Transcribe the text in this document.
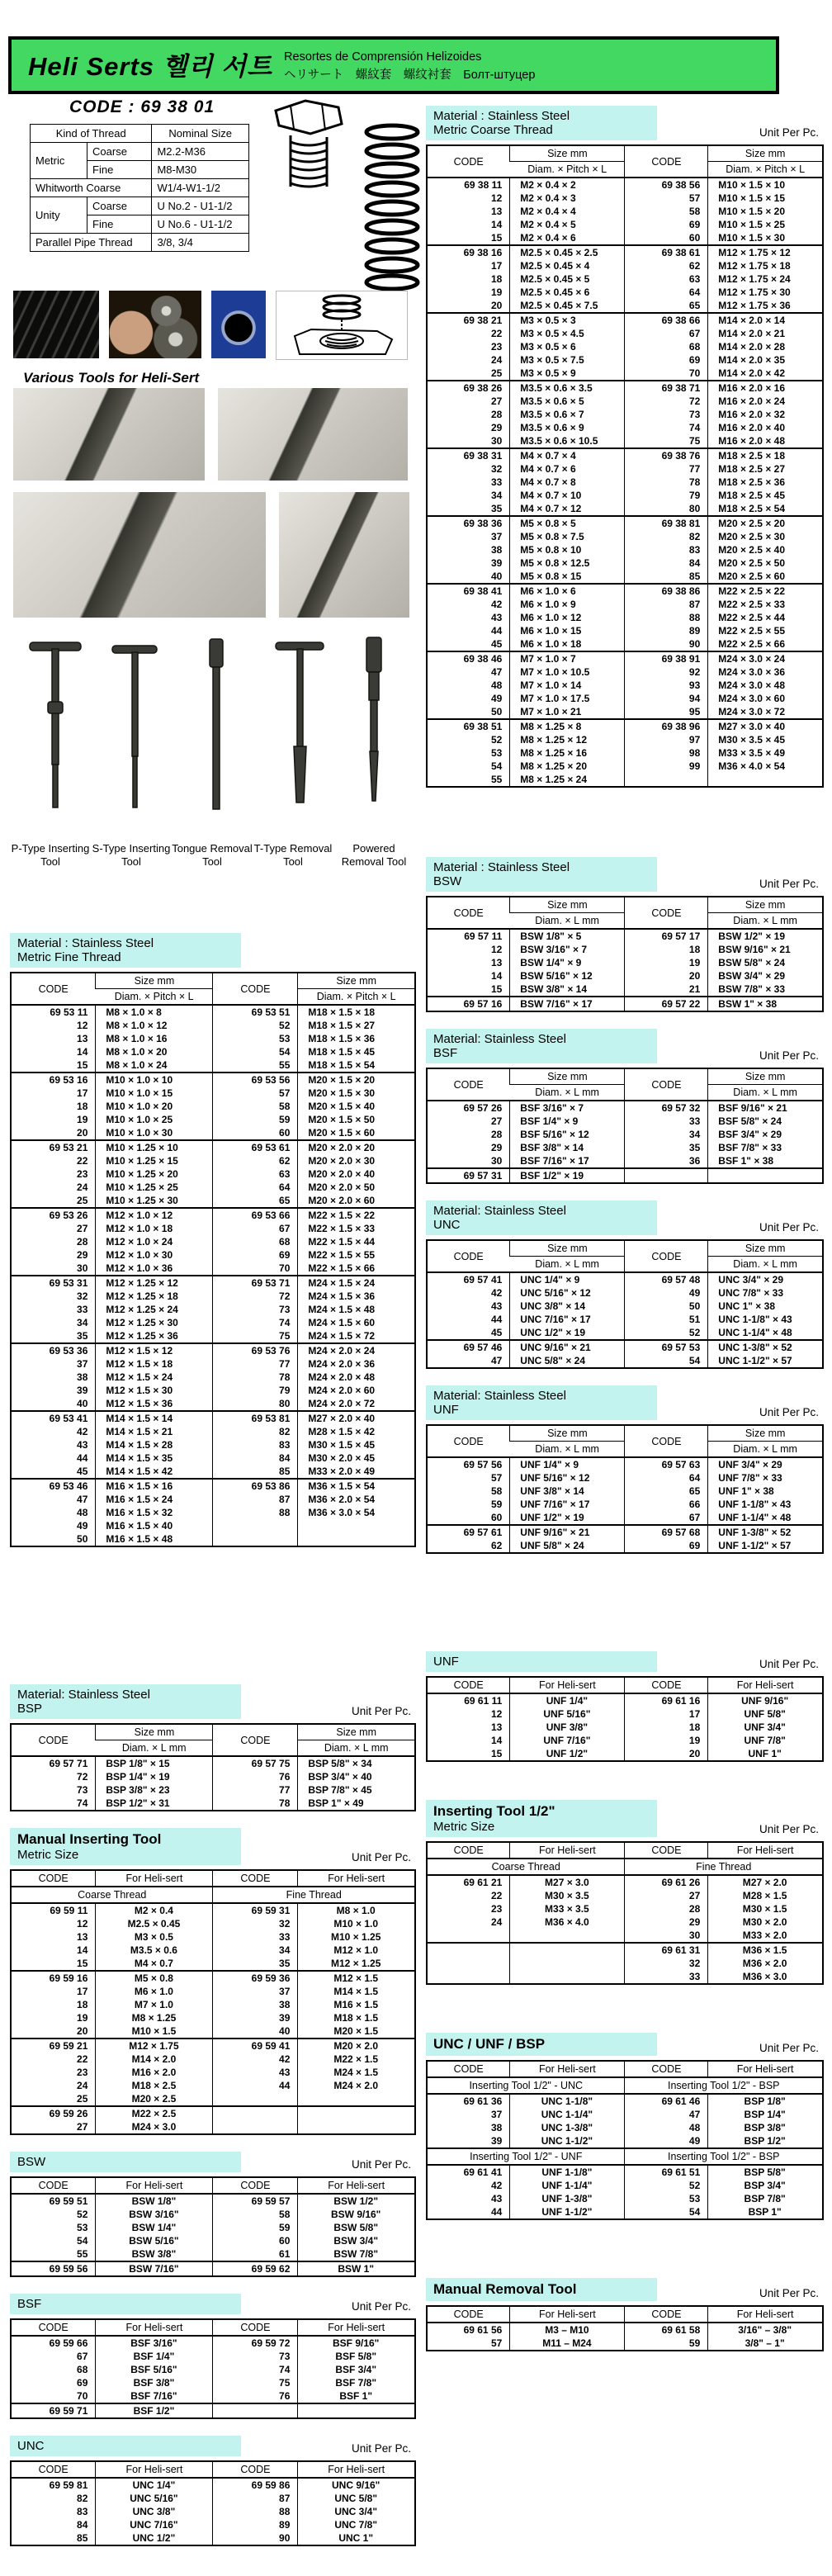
Heli Serts 헬리 서트 Resortes de Comprensión Helizoides
ヘリサート　螺紋套　螺纹衬套　Болт-штуцер
CODE : 69 38 01
Kind of Thread		Nominal Size
Metric	Coarse	M2.2-M36
	Fine	M8-M30
Whitworth Coarse		W1/4-W1-1/2
Unity	Coarse	U No.2 - U1-1/2
	Fine	U No.6 - U1-1/2
Parallel Pipe Thread		3/8, 3/4
Various Tools for Heli-Sert
P-Type Inserting Tool
S-Type Inserting Tool
Tongue Removal Tool
T-Type Removal Tool
Powered Removal Tool
Material : Stainless Steel
Metric Fine Thread
CODE	Size mm	CODE	Size mm
	Diam. × Pitch × L		Diam. × Pitch × L
69 53 11	M8 × 1.0 × 8	69 53 51	M18 × 1.5 × 18
12	M8 × 1.0 × 12	52	M18 × 1.5 × 27
13	M8 × 1.0 × 16	53	M18 × 1.5 × 36
14	M8 × 1.0 × 20	54	M18 × 1.5 × 45
15	M8 × 1.0 × 24	55	M18 × 1.5 × 54
69 53 16	M10 × 1.0 × 10	69 53 56	M20 × 1.5 × 20
17	M10 × 1.0 × 15	57	M20 × 1.5 × 30
18	M10 × 1.0 × 20	58	M20 × 1.5 × 40
19	M10 × 1.0 × 25	59	M20 × 1.5 × 50
20	M10 × 1.0 × 30	60	M20 × 1.5 × 60
69 53 21	M10 × 1.25 × 10	69 53 61	M20 × 2.0 × 20
22	M10 × 1.25 × 15	62	M20 × 2.0 × 30
23	M10 × 1.25 × 20	63	M20 × 2.0 × 40
24	M10 × 1.25 × 25	64	M20 × 2.0 × 50
25	M10 × 1.25 × 30	65	M20 × 2.0 × 60
69 53 26	M12 × 1.0 × 12	69 53 66	M22 × 1.5 × 22
27	M12 × 1.0 × 18	67	M22 × 1.5 × 33
28	M12 × 1.0 × 24	68	M22 × 1.5 × 44
29	M12 × 1.0 × 30	69	M22 × 1.5 × 55
30	M12 × 1.0 × 36	70	M22 × 1.5 × 66
69 53 31	M12 × 1.25 × 12	69 53 71	M24 × 1.5 × 24
32	M12 × 1.25 × 18	72	M24 × 1.5 × 36
33	M12 × 1.25 × 24	73	M24 × 1.5 × 48
34	M12 × 1.25 × 30	74	M24 × 1.5 × 60
35	M12 × 1.25 × 36	75	M24 × 1.5 × 72
69 53 36	M12 × 1.5 × 12	69 53 76	M24 × 2.0 × 24
37	M12 × 1.5 × 18	77	M24 × 2.0 × 36
38	M12 × 1.5 × 24	78	M24 × 2.0 × 48
39	M12 × 1.5 × 30	79	M24 × 2.0 × 60
40	M12 × 1.5 × 36	80	M24 × 2.0 × 72
69 53 41	M14 × 1.5 × 14	69 53 81	M27 × 2.0 × 40
42	M14 × 1.5 × 21	82	M28 × 1.5 × 42
43	M14 × 1.5 × 28	83	M30 × 1.5 × 45
44	M14 × 1.5 × 35	84	M30 × 2.0 × 45
45	M14 × 1.5 × 42	85	M33 × 2.0 × 49
69 53 46	M16 × 1.5 × 16	69 53 86	M36 × 1.5 × 54
47	M16 × 1.5 × 24	87	M36 × 2.0 × 54
48	M16 × 1.5 × 32	88	M36 × 3.0 × 54
49	M16 × 1.5 × 40		
50	M16 × 1.5 × 48		
Material: Stainless Steel
BSP	Unit Per Pc.
CODE	Size mm	CODE	Size mm
	Diam. × L mm		Diam. × L mm
69 57 71	BSP 1/8" × 15	69 57 75	BSP 5/8" × 34
72	BSP 1/4" × 19	76	BSP 3/4" × 40
73	BSP 3/8" × 23	77	BSP 7/8" × 45
74	BSP 1/2" × 31	78	BSP 1" × 49
Manual Inserting Tool
Metric Size	Unit Per Pc.
CODE	For Heli-sert	CODE	For Heli-sert
Coarse Thread		Fine Thread	
69 59 11	M2 × 0.4	69 59 31	M8 × 1.0
12	M2.5 × 0.45	32	M10 × 1.0
13	M3 × 0.5	33	M10 × 1.25
14	M3.5 × 0.6	34	M12 × 1.0
15	M4 × 0.7	35	M12 × 1.25
69 59 16	M5 × 0.8	69 59 36	M12 × 1.5
17	M6 × 1.0	37	M14 × 1.5
18	M7 × 1.0	38	M16 × 1.5
19	M8 × 1.25	39	M18 × 1.5
20	M10 × 1.5	40	M20 × 1.5
69 59 21	M12 × 1.75	69 59 41	M20 × 2.0
22	M14 × 2.0	42	M22 × 1.5
23	M16 × 2.0	43	M24 × 1.5
24	M18 × 2.5	44	M24 × 2.0
25	M20 × 2.5		
69 59 26	M22 × 2.5		
27	M24 × 3.0		
BSW	Unit Per Pc.
CODE	For Heli-sert	CODE	For Heli-sert
69 59 51	BSW 1/8"	69 59 57	BSW 1/2"
52	BSW 3/16"	58	BSW 9/16"
53	BSW 1/4"	59	BSW 5/8"
54	BSW 5/16"	60	BSW 3/4"
55	BSW 3/8"	61	BSW 7/8"
69 59 56	BSW 7/16"	69 59 62	BSW 1"
BSF	Unit Per Pc.
CODE	For Heli-sert	CODE	For Heli-sert
69 59 66	BSF 3/16"	69 59 72	BSF 9/16"
67	BSF 1/4"	73	BSF 5/8"
68	BSF 5/16"	74	BSF 3/4"
69	BSF 3/8"	75	BSF 7/8"
70	BSF 7/16"	76	BSF 1"
69 59 71	BSF 1/2"		
UNC	Unit Per Pc.
CODE	For Heli-sert	CODE	For Heli-sert
69 59 81	UNC 1/4"	69 59 86	UNC 9/16"
82	UNC 5/16"	87	UNC 5/8"
83	UNC 3/8"	88	UNC 3/4"
84	UNC 7/16"	89	UNC 7/8"
85	UNC 1/2"	90	UNC 1"
Material : Stainless Steel
Metric Coarse Thread	Unit Per Pc.
CODE	Size mm	CODE	Size mm
	Diam. × Pitch × L		Diam. × Pitch × L
69 38 11	M2 × 0.4 × 2	69 38 56	M10 × 1.5 × 10
12	M2 × 0.4 × 3	57	M10 × 1.5 × 15
13	M2 × 0.4 × 4	58	M10 × 1.5 × 20
14	M2 × 0.4 × 5	69	M10 × 1.5 × 25
15	M2 × 0.4 × 6	60	M10 × 1.5 × 30
69 38 16	M2.5 × 0.45 × 2.5	69 38 61	M12 × 1.75 × 12
17	M2.5 × 0.45 × 4	62	M12 × 1.75 × 18
18	M2.5 × 0.45 × 5	63	M12 × 1.75 × 24
19	M2.5 × 0.45 × 6	64	M12 × 1.75 × 30
20	M2.5 × 0.45 × 7.5	65	M12 × 1.75 × 36
69 38 21	M3 × 0.5 × 3	69 38 66	M14 × 2.0 × 14
22	M3 × 0.5 × 4.5	67	M14 × 2.0 × 21
23	M3 × 0.5 × 6	68	M14 × 2.0 × 28
24	M3 × 0.5 × 7.5	69	M14 × 2.0 × 35
25	M3 × 0.5 × 9	70	M14 × 2.0 × 42
69 38 26	M3.5 × 0.6 × 3.5	69 38 71	M16 × 2.0 × 16
27	M3.5 × 0.6 × 5	72	M16 × 2.0 × 24
28	M3.5 × 0.6 × 7	73	M16 × 2.0 × 32
29	M3.5 × 0.6 × 9	74	M16 × 2.0 × 40
30	M3.5 × 0.6 × 10.5	75	M16 × 2.0 × 48
69 38 31	M4 × 0.7 × 4	69 38 76	M18 × 2.5 × 18
32	M4 × 0.7 × 6	77	M18 × 2.5 × 27
33	M4 × 0.7 × 8	78	M18 × 2.5 × 36
34	M4 × 0.7 × 10	79	M18 × 2.5 × 45
35	M4 × 0.7 × 12	80	M18 × 2.5 × 54
69 38 36	M5 × 0.8 × 5	69 38 81	M20 × 2.5 × 20
37	M5 × 0.8 × 7.5	82	M20 × 2.5 × 30
38	M5 × 0.8 × 10	83	M20 × 2.5 × 40
39	M5 × 0.8 × 12.5	84	M20 × 2.5 × 50
40	M5 × 0.8 × 15	85	M20 × 2.5 × 60
69 38 41	M6 × 1.0 × 6	69 38 86	M22 × 2.5 × 22
42	M6 × 1.0 × 9	87	M22 × 2.5 × 33
43	M6 × 1.0 × 12	88	M22 × 2.5 × 44
44	M6 × 1.0 × 15	89	M22 × 2.5 × 55
45	M6 × 1.0 × 18	90	M22 × 2.5 × 66
69 38 46	M7 × 1.0 × 7	69 38 91	M24 × 3.0 × 24
47	M7 × 1.0 × 10.5	92	M24 × 3.0 × 36
48	M7 × 1.0 × 14	93	M24 × 3.0 × 48
49	M7 × 1.0 × 17.5	94	M24 × 3.0 × 60
50	M7 × 1.0 × 21	95	M24 × 3.0 × 72
69 38 51	M8 × 1.25 × 8	69 38 96	M27 × 3.0 × 40
52	M8 × 1.25 × 12	97	M30 × 3.5 × 45
53	M8 × 1.25 × 16	98	M33 × 3.5 × 49
54	M8 × 1.25 × 20	99	M36 × 4.0 × 54
55	M8 × 1.25 × 24		
Material : Stainless Steel
BSW	Unit Per Pc.
CODE	Size mm	CODE	Size mm
	Diam. × L mm		Diam. × L mm
69 57 11	BSW 1/8" × 5	69 57 17	BSW 1/2" × 19
12	BSW 3/16" × 7	18	BSW 9/16" × 21
13	BSW 1/4" × 9	19	BSW 5/8" × 24
14	BSW 5/16" × 12	20	BSW 3/4" × 29
15	BSW 3/8" × 14	21	BSW 7/8" × 33
69 57 16	BSW 7/16" × 17	69 57 22	BSW 1" × 38
Material: Stainless Steel
BSF	Unit Per Pc.
CODE	Size mm	CODE	Size mm
	Diam. × L mm		Diam. × L mm
69 57 26	BSF 3/16" × 7	69 57 32	BSF 9/16" × 21
27	BSF 1/4" × 9	33	BSF 5/8" × 24
28	BSF 5/16" × 12	34	BSF 3/4" × 29
29	BSF 3/8" × 14	35	BSF 7/8" × 33
30	BSF 7/16" × 17	36	BSF 1" × 38
69 57 31	BSF 1/2" × 19		
Material: Stainless Steel
UNC	Unit Per Pc.
CODE	Size mm	CODE	Size mm
	Diam. × L mm		Diam. × L mm
69 57 41	UNC 1/4" × 9	69 57 48	UNC 3/4" × 29
42	UNC 5/16" × 12	49	UNC 7/8" × 33
43	UNC 3/8" × 14	50	UNC 1" × 38
44	UNC 7/16" × 17	51	UNC 1-1/8" × 43
45	UNC 1/2" × 19	52	UNC 1-1/4" × 48
69 57 46	UNC 9/16" × 21	69 57 53	UNC 1-3/8" × 52
47	UNC 5/8" × 24	54	UNC 1-1/2" × 57
Material: Stainless Steel
UNF	Unit Per Pc.
CODE	Size mm	CODE	Size mm
	Diam. × L mm		Diam. × L mm
69 57 56	UNF 1/4" × 9	69 57 63	UNF 3/4" × 29
57	UNF 5/16" × 12	64	UNF 7/8" × 33
58	UNF 3/8" × 14	65	UNF 1" × 38
59	UNF 7/16" × 17	66	UNF 1-1/8" × 43
60	UNF 1/2" × 19	67	UNF 1-1/4" × 48
69 57 61	UNF 9/16" × 21	69 57 68	UNF 1-3/8" × 52
62	UNF 5/8" × 24	69	UNF 1-1/2" × 57
UNF	Unit Per Pc.
CODE	For Heli-sert	CODE	For Heli-sert
69 61 11	UNF 1/4"	69 61 16	UNF 9/16"
12	UNF 5/16"	17	UNF 5/8"
13	UNF 3/8"	18	UNF 3/4"
14	UNF 7/16"	19	UNF 7/8"
15	UNF 1/2"	20	UNF 1"
Inserting Tool 1/2"
Metric Size	Unit Per Pc.
CODE	For Heli-sert	CODE	For Heli-sert
Coarse Thread		Fine Thread	
69 61 21	M27 × 3.0	69 61 26	M27 × 2.0
22	M30 × 3.5	27	M28 × 1.5
23	M33 × 3.5	28	M30 × 1.5
24	M36 × 4.0	29	M30 × 2.0
		30	M33 × 2.0
		69 61 31	M36 × 1.5
		32	M36 × 2.0
		33	M36 × 3.0
UNC / UNF / BSP	Unit Per Pc.
CODE	For Heli-sert	CODE	For Heli-sert
Inserting Tool 1/2" - UNC		Inserting Tool 1/2" - BSP	
69 61 36	UNC 1-1/8"	69 61 46	BSP 1/8"
37	UNC 1-1/4"	47	BSP 1/4"
38	UNC 1-3/8"	48	BSP 3/8"
39	UNC 1-1/2"	49	BSP 1/2"
Inserting Tool 1/2" - UNF		Inserting Tool 1/2" - BSP	
69 61 41	UNF 1-1/8"	69 61 51	BSP 5/8"
42	UNF 1-1/4"	52	BSP 3/4"
43	UNF 1-3/8"	53	BSP 7/8"
44	UNF 1-1/2"	54	BSP 1"
Manual Removal Tool	Unit Per Pc.
CODE	For Heli-sert	CODE	For Heli-sert
69 61 56	M3 – M10	69 61 58	3/16" – 3/8"
57	M11 – M24	59	3/8" – 1"
